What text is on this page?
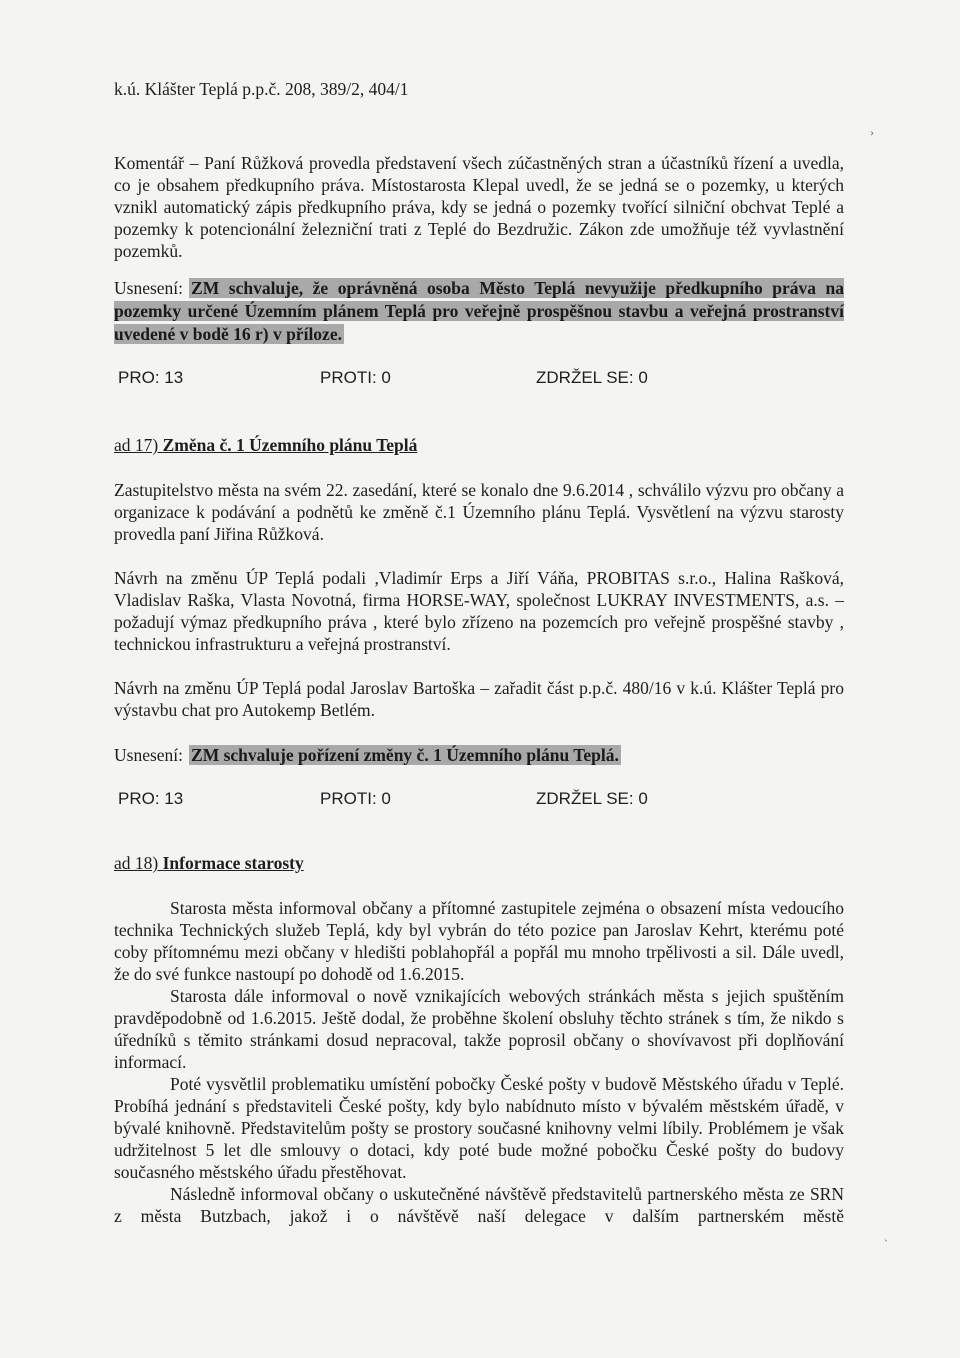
k.ú. Klášter Teplá p.p.č. 208, 389/2, 404/1
Komentář – Paní Růžková provedla představení všech zúčastněných stran a účastníků řízení a uvedla, co je obsahem předkupního práva. Místostarosta Klepal uvedl, že se jedná se o pozemky, u kterých vznikl automatický zápis předkupního práva, kdy se jedná o pozemky tvořící silniční obchvat Teplé a pozemky k potencionální železniční trati z Teplé do Bezdružic. Zákon zde umožňuje též vyvlastnění pozemků.
Usnesení: ZM schvaluje, že oprávněná osoba Město Teplá nevyužije předkupního práva na pozemky určené Územním plánem Teplá pro veřejně prospěšnou stavbu a veřejná prostranství uvedené v bodě 16 r) v příloze.
PRO: 13	PROTI: 0	ZDRŽEL SE: 0
ad 17) Změna č. 1 Územního plánu Teplá
Zastupitelstvo města na svém 22. zasedání, které se konalo dne 9.6.2014 , schválilo výzvu pro občany a organizace k podávání a podnětů ke změně č.1 Územního plánu Teplá. Vysvětlení na výzvu starosty provedla paní Jiřina Růžková.
Návrh na změnu ÚP Teplá podali ,Vladimír Erps a Jiří Váňa, PROBITAS s.r.o., Halina Rašková, Vladislav Raška, Vlasta Novotná, firma HORSE-WAY, společnost LUKRAY INVESTMENTS, a.s. – požadují výmaz předkupního práva , které bylo zřízeno na pozemcích pro veřejně prospěšné stavby , technickou infrastrukturu a veřejná prostranství.
Návrh na změnu ÚP Teplá podal Jaroslav Bartoška – zařadit část p.p.č. 480/16 v k.ú. Klášter Teplá pro výstavbu chat pro Autokemp Betlém.
Usnesení: ZM schvaluje pořízení změny č. 1 Územního plánu Teplá.
PRO: 13	PROTI: 0	ZDRŽEL SE: 0
ad 18) Informace starosty
Starosta města informoval občany a přítomné zastupitele zejména o obsazení místa vedoucího technika Technických služeb Teplá, kdy byl vybrán do této pozice pan Jaroslav Kehrt, kterému poté coby přítomnému mezi občany v hledišti poblahopřál a popřál mu mnoho trpělivosti a sil. Dále uvedl, že do své funkce nastoupí po dohodě od 1.6.2015.
Starosta dále informoval o nově vznikajících webových stránkách města s jejich spuštěním pravděpodobně od 1.6.2015. Ještě dodal, že proběhne školení obsluhy těchto stránek s tím, že nikdo s úředníků s těmito stránkami dosud nepracoval, takže poprosil občany o shovívavost při doplňování informací.
Poté vysvětlil problematiku umístění pobočky České pošty v budově Městského úřadu v Teplé. Probíhá jednání s představiteli České pošty, kdy bylo nabídnuto místo v bývalém městském úřadě, v bývalé knihovně. Představitelům pošty se prostory současné knihovny velmi líbily. Problémem je však udržitelnost 5 let dle smlouvy o dotaci, kdy poté bude možné pobočku České pošty do budovy současného městského úřadu přestěhovat.
Následně informoval občany o uskutečněné návštěvě představitelů partnerského města ze SRN z města Butzbach, jakož i o návštěvě naší delegace v dalším partnerském městě
›
ˏ
